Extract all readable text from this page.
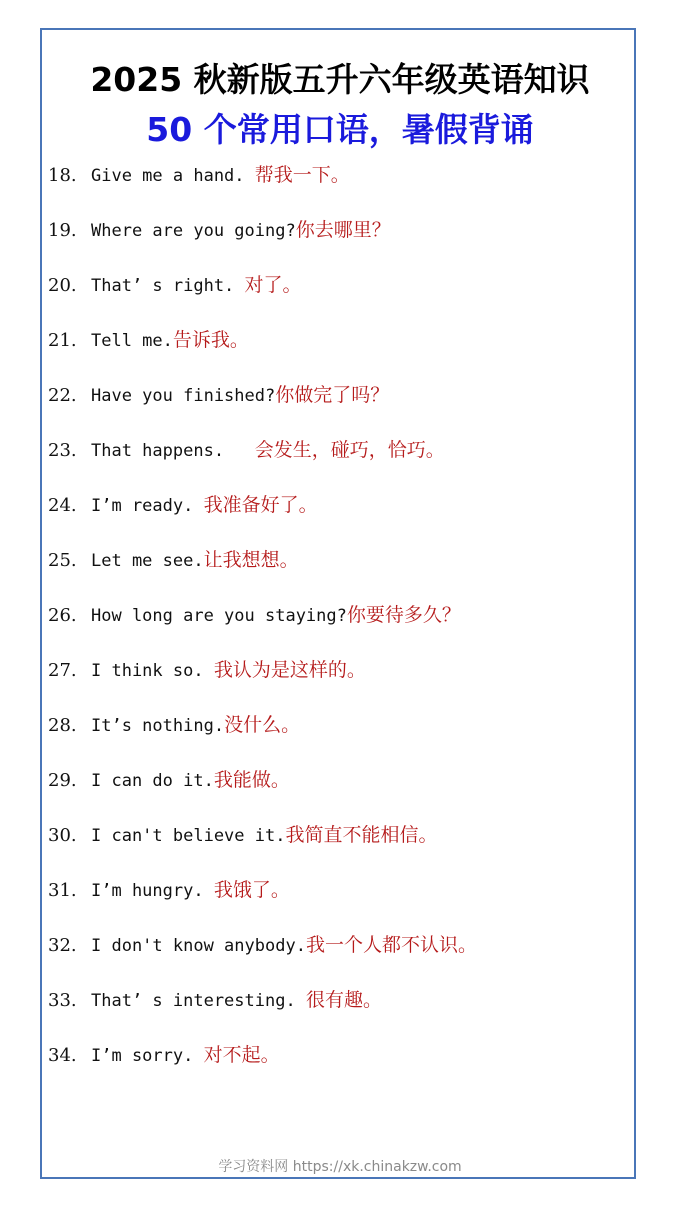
2025 秋新版五升六年级英语知识
50 个常用口语，暑假背诵
18. Give me a hand. 帮我一下。
19. Where are you going?你去哪里？
20. That’ s right. 对了。
21. Tell me.告诉我。
22. Have you finished?你做完了吗？
23. That happens.   会发生，碰巧，恰巧。
24. I’m ready. 我准备好了。
25. Let me see.让我想想。
26. How long are you staying?你要待多久？
27. I think so. 我认为是这样的。
28. It’s nothing.没什么。
29. I can do it.我能做。
30. I can't believe it.我简直不能相信。
31. I’m hungry. 我饿了。
32. I don't know anybody.我一个人都不认识。
33. That’ s interesting. 很有趣。
34. I’m sorry. 对不起。
学习资料网 https://xk.chinakzw.com
